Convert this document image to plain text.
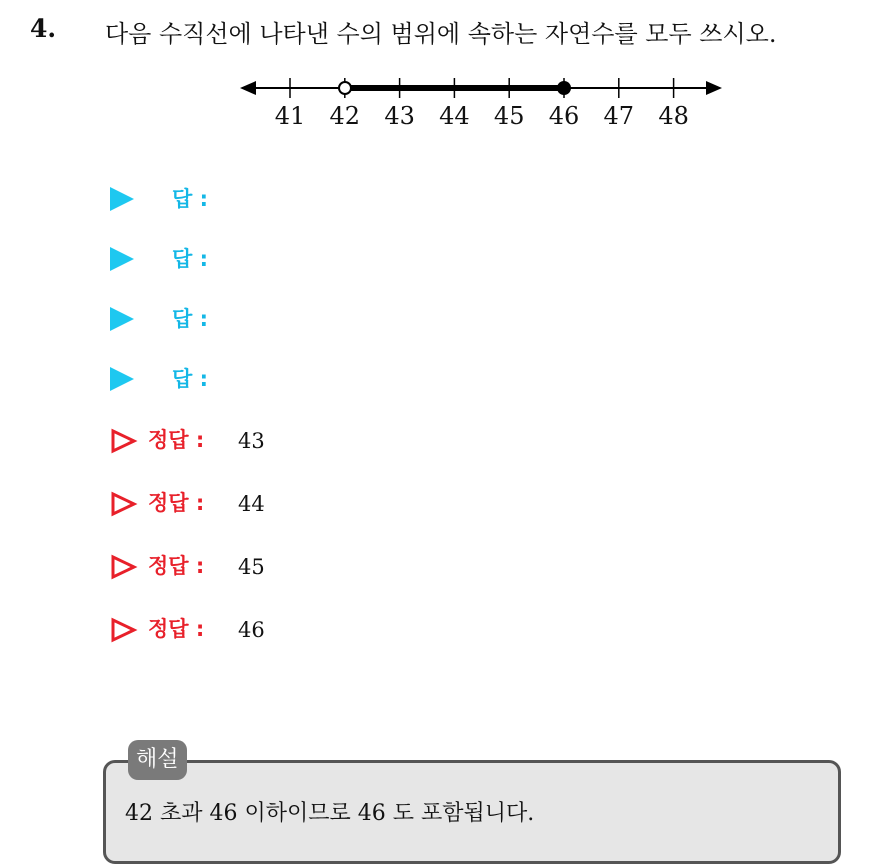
4. 다음 수직선에 나타낸 수의 범위에 속하는 자연수를 모두 쓰시오.
41 42 43 44 45 46 47 48
답 :
답 :
답 :
답 :
정답 : 43
정답 : 44
정답 : 45
정답 : 46
해설
42 초과 46 이하이므로 46 도 포함됩니다.
